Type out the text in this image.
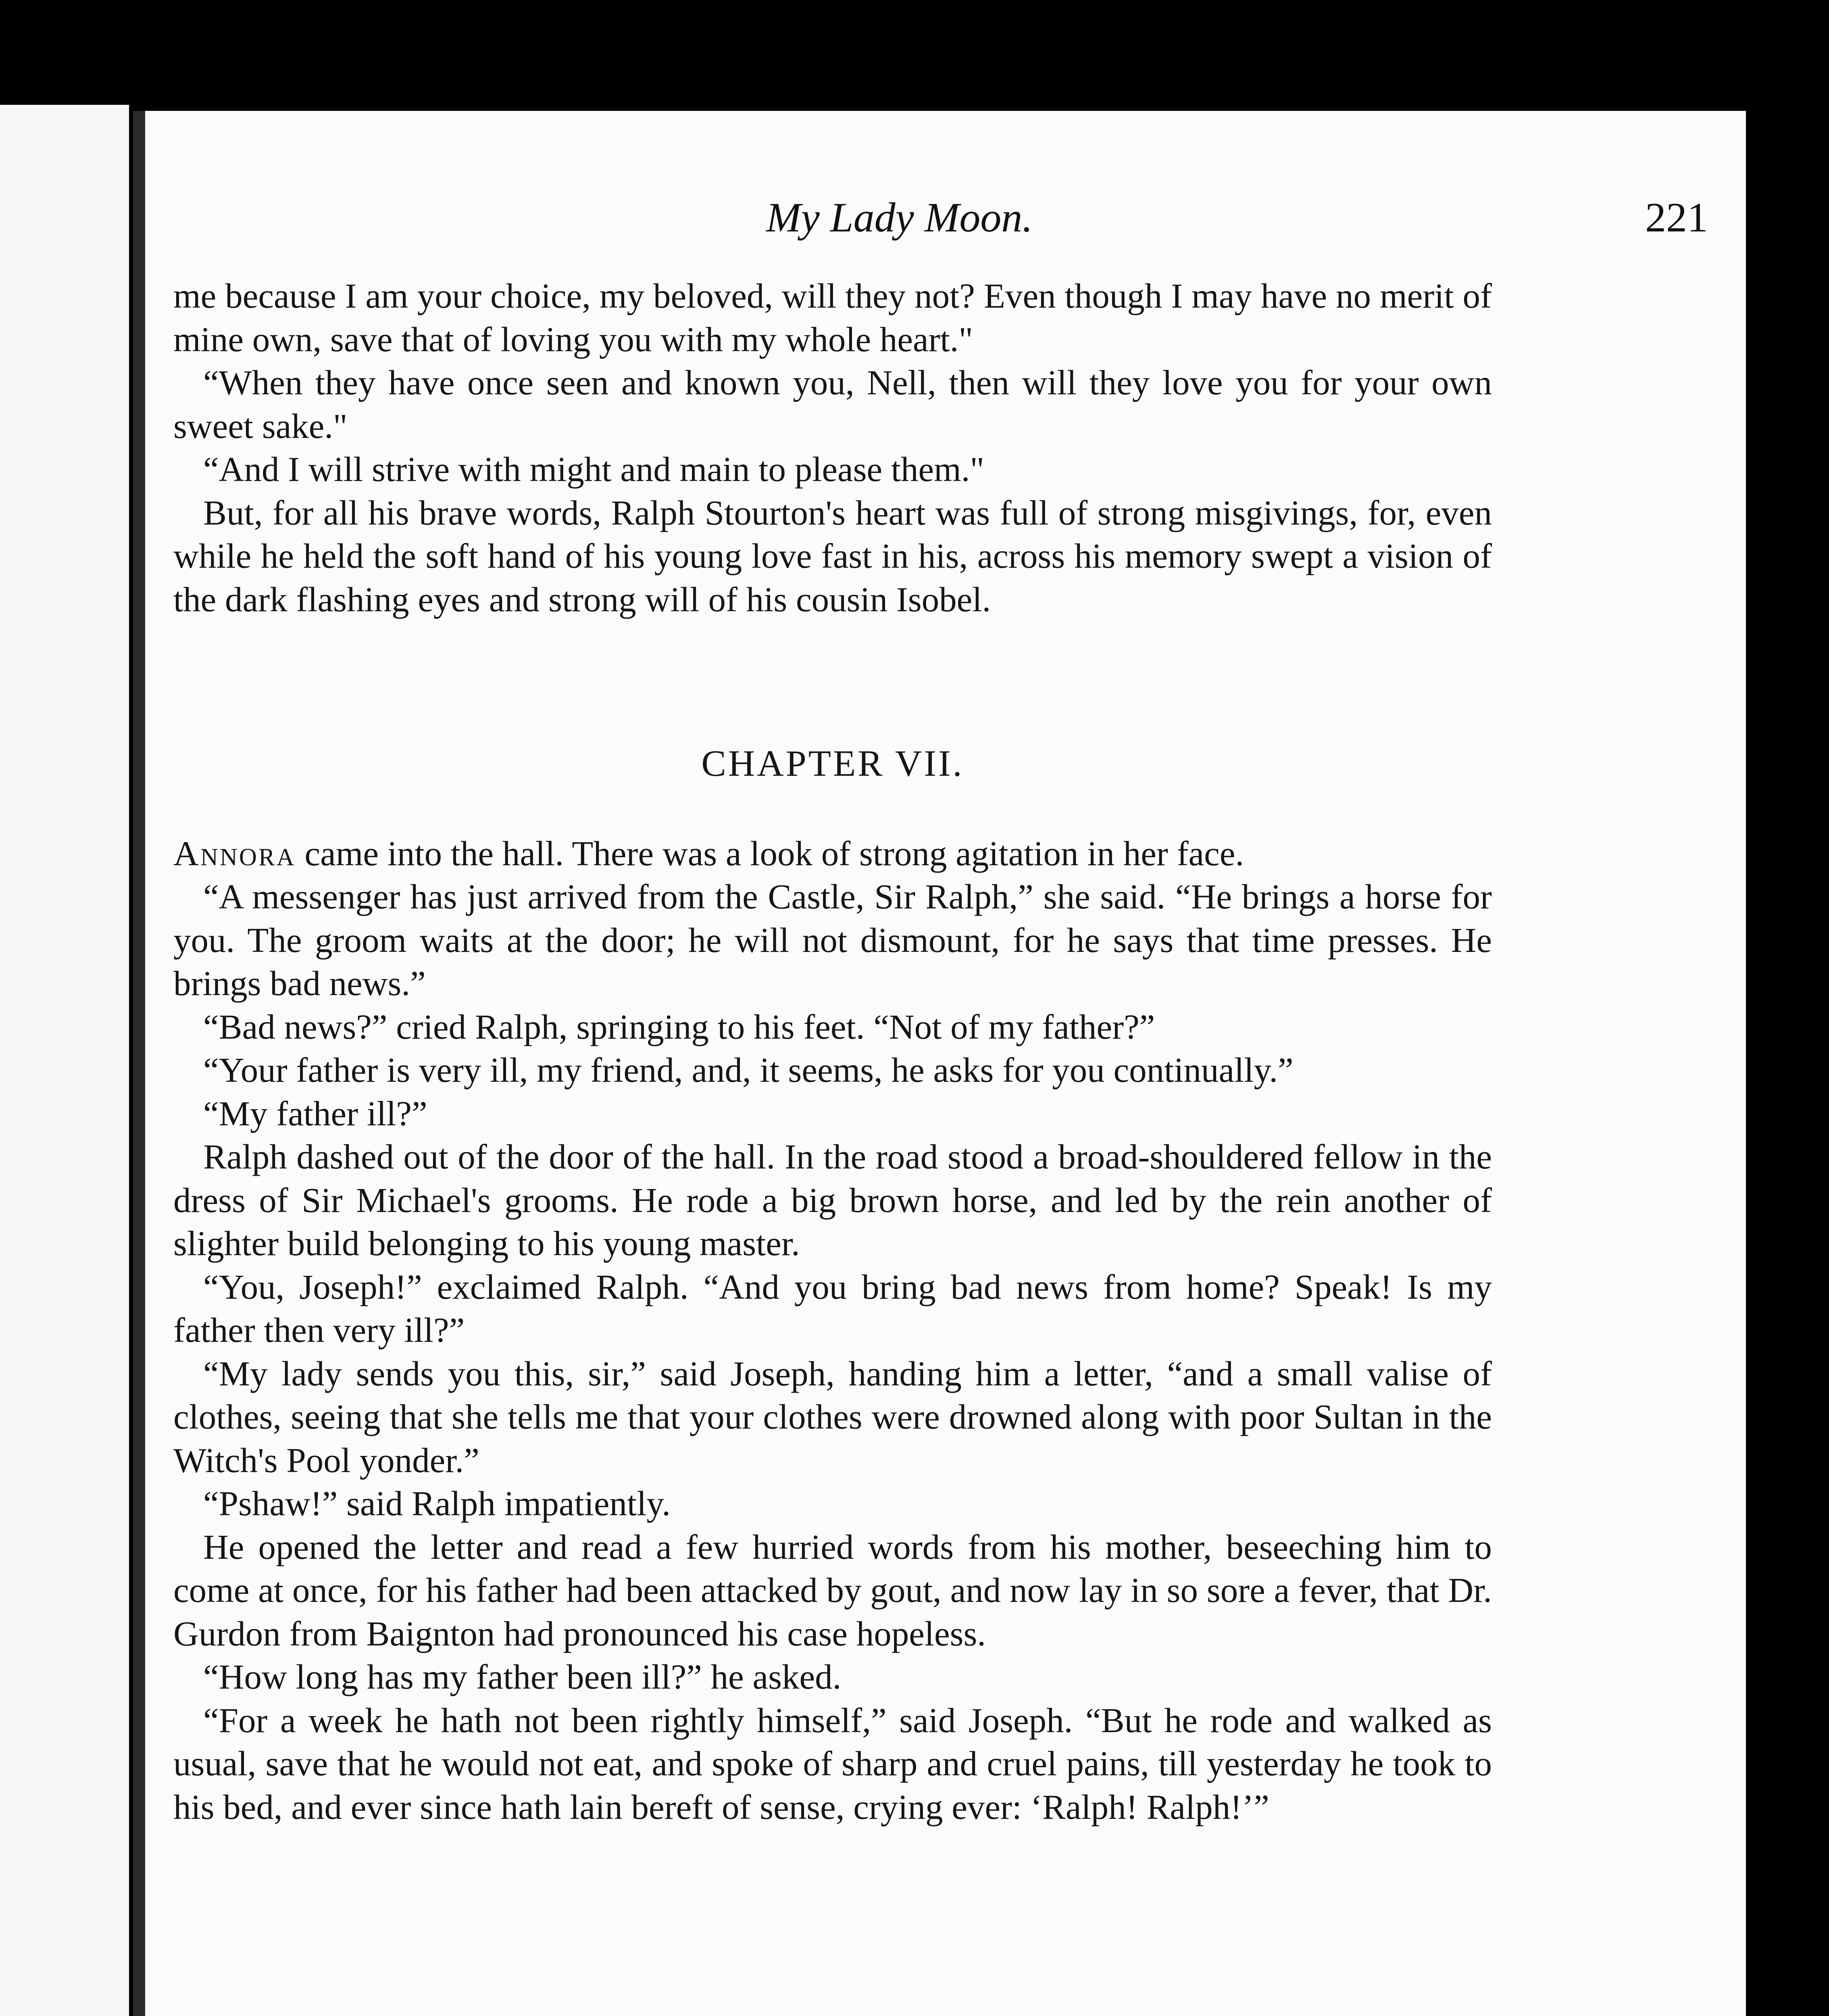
My Lady Moon.	221

me because I am your choice, my beloved, will they not? Even though I may have no merit of mine own, save that of loving you with my whole heart."

“When they have once seen and known you, Nell, then will they love you for your own sweet sake."

“And I will strive with might and main to please them."

But, for all his brave words, Ralph Stourton's heart was full of strong misgivings, for, even while he held the soft hand of his young love fast in his, across his memory swept a vision of the dark flashing eyes and strong will of his cousin Isobel.

CHAPTER VII.

Annora came into the hall. There was a look of strong agitation in her face.

“A messenger has just arrived from the Castle, Sir Ralph,” she said. “He brings a horse for you. The groom waits at the door; he will not dismount, for he says that time presses. He brings bad news.”

“Bad news?” cried Ralph, springing to his feet. “Not of my father?”

“Your father is very ill, my friend, and, it seems, he asks for you continually.”

“My father ill?”

Ralph dashed out of the door of the hall. In the road stood a broad-shouldered fellow in the dress of Sir Michael's grooms. He rode a big brown horse, and led by the rein another of slighter build belonging to his young master.

“You, Joseph!” exclaimed Ralph. “And you bring bad news from home? Speak! Is my father then very ill?”

“My lady sends you this, sir,” said Joseph, handing him a letter, “and a small valise of clothes, seeing that she tells me that your clothes were drowned along with poor Sultan in the Witch's Pool yonder.”

“Pshaw!” said Ralph impatiently.

He opened the letter and read a few hurried words from his mother, beseeching him to come at once, for his father had been attacked by gout, and now lay in so sore a fever, that Dr. Gurdon from Baignton had pronounced his case hopeless.

“How long has my father been ill?” he asked.

“For a week he hath not been rightly himself,” said Joseph. “But he rode and walked as usual, save that he would not eat, and spoke of sharp and cruel pains, till yesterday he took to his bed, and ever since hath lain bereft of sense, crying ever: ‘Ralph! Ralph!’”
